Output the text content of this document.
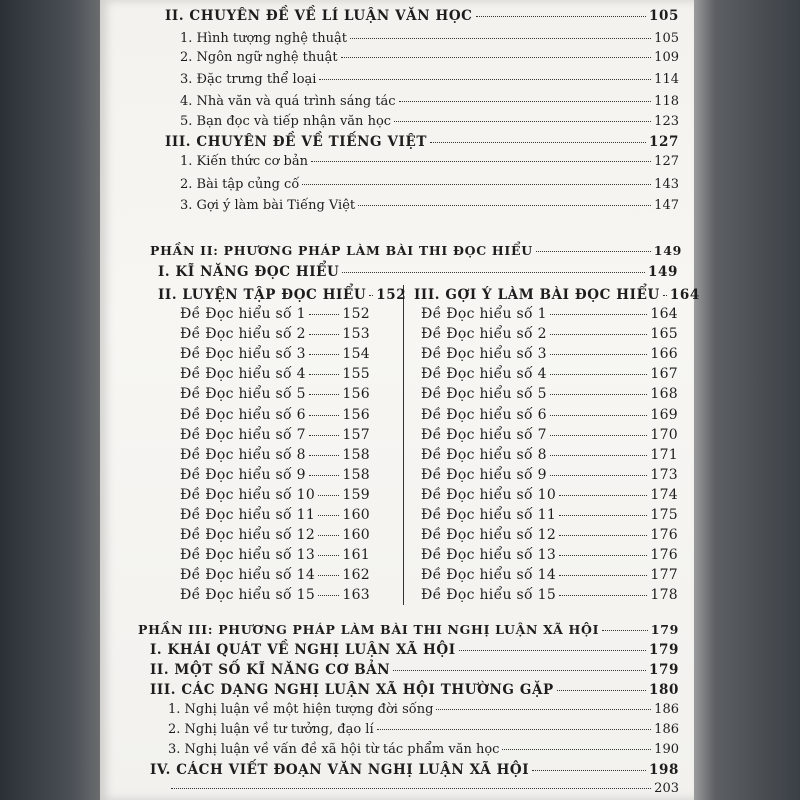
II. CHUYÊN ĐỀ VỀ LÍ LUẬN VĂN HỌC	105
1. Hình tượng nghệ thuật	105
2. Ngôn ngữ nghệ thuật	109
3. Đặc trưng thể loại	114
4. Nhà văn và quá trình sáng tác	118
5. Bạn đọc và tiếp nhận văn học	123
III. CHUYÊN ĐỀ VỀ TIẾNG VIỆT	127
1. Kiến thức cơ bản	127
2. Bài tập củng cố	143
3. Gợi ý làm bài Tiếng Việt	147
PHẦN II: PHƯƠNG PHÁP LÀM BÀI THI ĐỌC HIỂU	149
I. KĨ NĂNG ĐỌC HIỂU	149
II. LUYỆN TẬP ĐỌC HIỂU 152 III. GỢI Ý LÀM BÀI ĐỌC HIỂU 164
Đề Đọc hiểu số 1	152	Đề Đọc hiểu số 1	164
Đề Đọc hiểu số 2	153	Đề Đọc hiểu số 2	165
Đề Đọc hiểu số 3	154	Đề Đọc hiểu số 3	166
Đề Đọc hiểu số 4	155	Đề Đọc hiểu số 4	167
Đề Đọc hiểu số 5	156	Đề Đọc hiểu số 5	168
Đề Đọc hiểu số 6	156	Đề Đọc hiểu số 6	169
Đề Đọc hiểu số 7	157	Đề Đọc hiểu số 7	170
Đề Đọc hiểu số 8	158	Đề Đọc hiểu số 8	171
Đề Đọc hiểu số 9	158	Đề Đọc hiểu số 9	173
Đề Đọc hiểu số 10 159	Đề Đọc hiểu số 10	174
Đề Đọc hiểu số 11 160	Đề Đọc hiểu số 11	175
Đề Đọc hiểu số 12 160	Đề Đọc hiểu số 12	176
Đề Đọc hiểu số 13 161	Đề Đọc hiểu số 13	176
Đề Đọc hiểu số 14 162	Đề Đọc hiểu số 14	177
Đề Đọc hiểu số 15 163	Đề Đọc hiểu số 15	178
PHẦN III: PHƯƠNG PHÁP LÀM BÀI THI NGHỊ LUẬN XÃ HỘI	179
I. KHÁI QUÁT VỀ NGHỊ LUẬN XÃ HỘI	179
II. MỘT SỐ KĨ NĂNG CƠ BẢN	179
III. CÁC DẠNG NGHỊ LUẬN XÃ HỘI THƯỜNG GẶP	180
1. Nghị luận về một hiện tượng đời sống	186
2. Nghị luận về tư tưởng, đạo lí	186
3. Nghị luận về vấn đề xã hội từ tác phẩm văn học	190
IV. CÁCH VIẾT ĐOẠN VĂN NGHỊ LUẬN XÃ HỘI	198
203
